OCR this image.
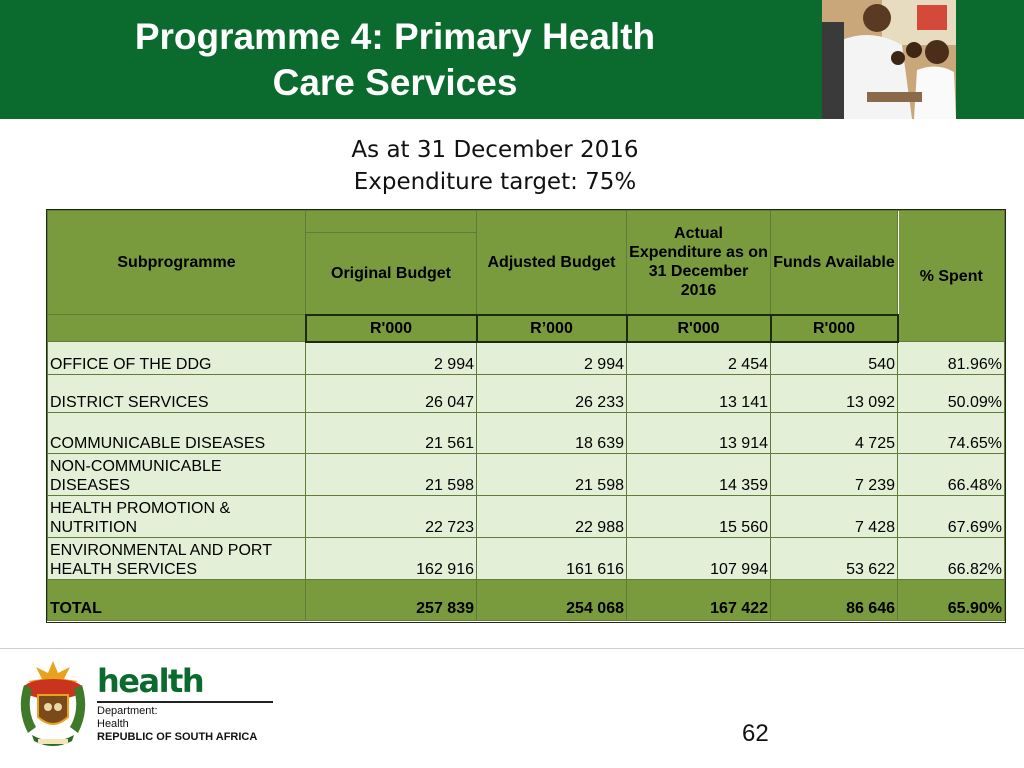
Programme 4: Primary Health
Care Services
As at 31 December 2016
Expenditure target: 75%
Subprogramme		Adjusted Budget	Actual Expenditure as on 31 December 2016	Funds Available	% Spent
	Original Budget				
	R'000	R’000	R'000	R'000	
OFFICE OF THE DDG	2 994	2 994	2 454	540	81.96%
DISTRICT SERVICES	26 047	26 233	13 141	13 092	50.09%
COMMUNICABLE DISEASES	21 561	18 639	13 914	4 725	74.65%
NON-COMMUNICABLE DISEASES	21 598	21 598	14 359	7 239	66.48%
HEALTH PROMOTION & NUTRITION	22 723	22 988	15 560	7 428	67.69%
ENVIRONMENTAL AND PORT HEALTH SERVICES	162 916	161 616	107 994	53 622	66.82%
TOTAL	257 839	254 068	167 422	86 646	65.90%
health
Department:
Health
REPUBLIC OF SOUTH AFRICA	62
